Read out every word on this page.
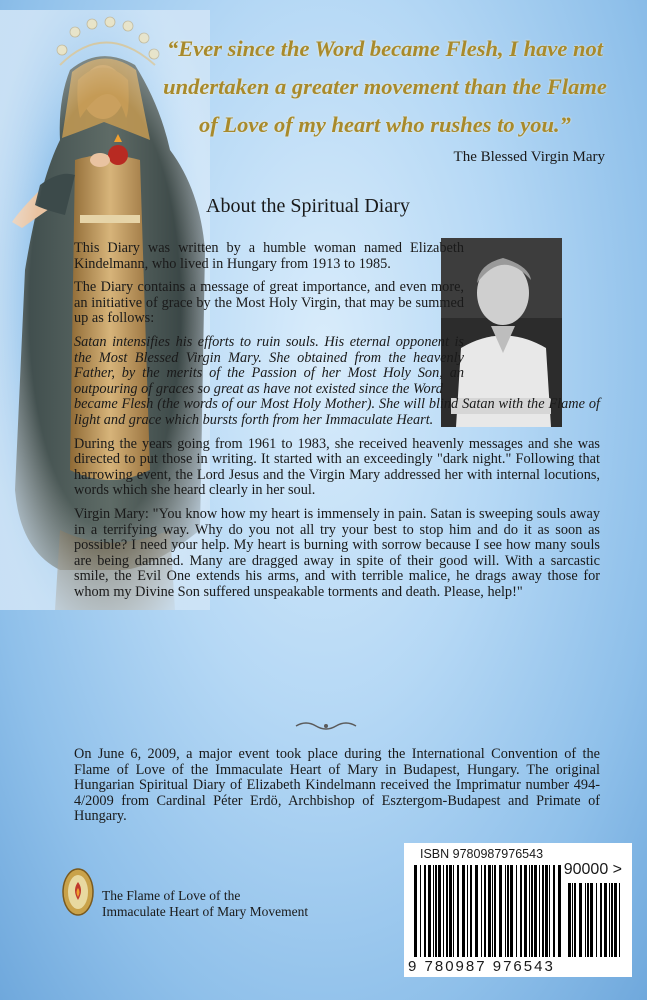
“Ever since the Word became Flesh, I have not
undertaken a greater movement than the Flame
of Love of my heart who rushes to you.”
The Blessed Virgin Mary
About the Spiritual Diary

This Diary was written by a humble woman named Elizabeth Kindelmann, who lived in Hungary from 1913 to 1985.

The Diary contains a message of great importance, and even more, an initiative of grace by the Most Holy Virgin, that may be summed up as follows:

Satan intensifies his efforts to ruin souls. His eternal opponent is the Most Blessed Virgin Mary. She obtained from the heavenly Father, by the merits of the Passion of her Most Holy Son, an outpouring of graces so great as have not existed since the Word

became Flesh (the words of our Most Holy Mother). She will blind Satan with the Flame of light and grace which bursts forth from her Immaculate Heart.

During the years going from 1961 to 1983, she received heavenly messages and she was directed to put those in writing. It started with an exceedingly "dark night." Following that harrowing event, the Lord Jesus and the Virgin Mary addressed her with internal locutions, words which she heard clearly in her soul.

Virgin Mary: "You know how my heart is immensely in pain. Satan is sweeping souls away in a terrifying way. Why do you not all try your best to stop him and do it as soon as possible? I need your help. My heart is burning with sorrow because I see how many souls are being damned. Many are dragged away in spite of their good will. With a sarcastic smile, the Evil One extends his arms, and with terrible malice, he drags away those for whom my Divine Son suffered unspeakable torments and death. Please, help!"

On June 6, 2009, a major event took place during the International Convention of the Flame of Love of the Immaculate Heart of Mary in Budapest, Hungary. The original Hungarian Spiritual Diary of Elizabeth Kindelmann received the Imprimatur number 494-4/2009 from Cardinal Péter Erdö, Archbishop of Esztergom-Budapest and Primate of Hungary.
The Flame of Love of the
Immaculate Heart of Mary Movement
ISBN 9780987976543
90000 >
9 780987 976543
